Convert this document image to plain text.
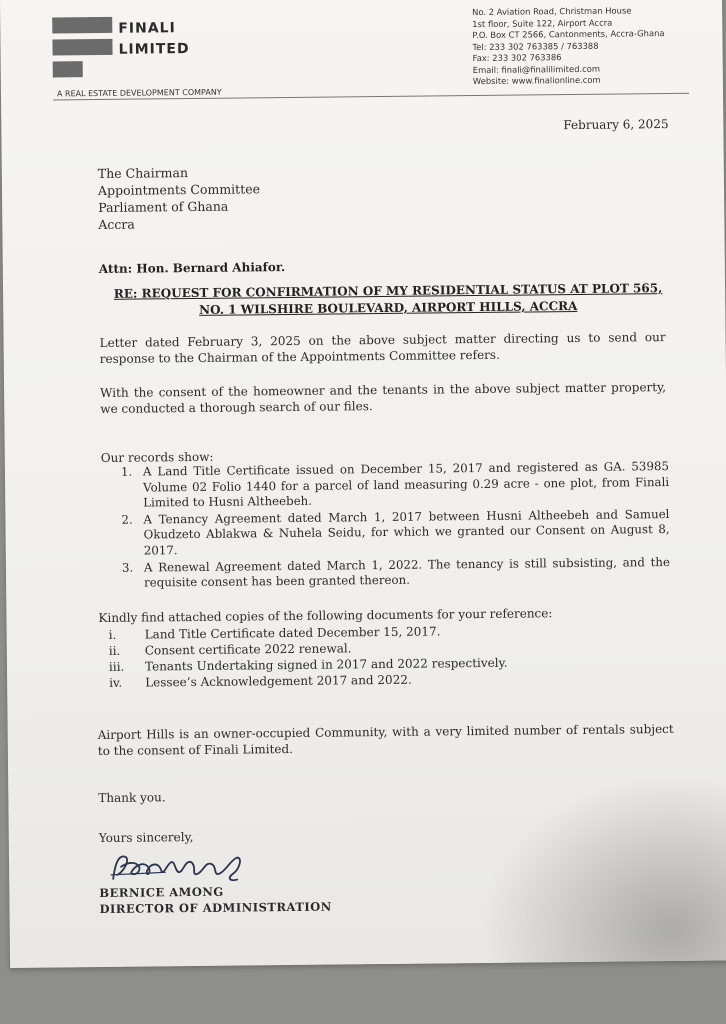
FINALI
LIMITED
A REAL ESTATE DEVELOPMENT COMPANY
No. 2 Aviation Road, Christman House
1st floor, Suite 122, Airport Accra
P.O. Box CT 2566, Cantonments, Accra-Ghana
Tel: 233 302 763385 / 763388
Fax: 233 302 763386
Email: finali@finalilimited.com
Website: www.finalionline.com
February 6, 2025
The Chairman
Appointments Committee
Parliament of Ghana
Accra
Attn: Hon. Bernard Ahiafor.
RE: REQUEST FOR CONFIRMATION OF MY RESIDENTIAL STATUS AT PLOT 565,
NO. 1 WILSHIRE BOULEVARD, AIRPORT HILLS, ACCRA
Letter dated February 3, 2025 on the above subject matter directing us to send our response to the Chairman of the Appointments Committee refers.
With the consent of the homeowner and the tenants in the above subject matter property, we conducted a thorough search of our files.
Our records show:
1. A Land Title Certificate issued on December 15, 2017 and registered as GA. 53985 Volume 02 Folio 1440 for a parcel of land measuring 0.29 acre - one plot, from Finali Limited to Husni Altheebeh.
2. A Tenancy Agreement dated March 1, 2017 between Husni Altheebeh and Samuel Okudzeto Ablakwa & Nuhela Seidu, for which we granted our Consent on August 8, 2017.
3. A Renewal Agreement dated March 1, 2022. The tenancy is still subsisting, and the requisite consent has been granted thereon.
Kindly find attached copies of the following documents for your reference:
i.	Land Title Certificate dated December 15, 2017.
ii.	Consent certificate 2022 renewal.
iii.	Tenants Undertaking signed in 2017 and 2022 respectively.
iv.	Lessee’s Acknowledgement 2017 and 2022.
Airport Hills is an owner-occupied Community, with a very limited number of rentals subject to the consent of Finali Limited.
Thank you.
Yours sincerely,
BERNICE AMONG
DIRECTOR OF ADMINISTRATION
